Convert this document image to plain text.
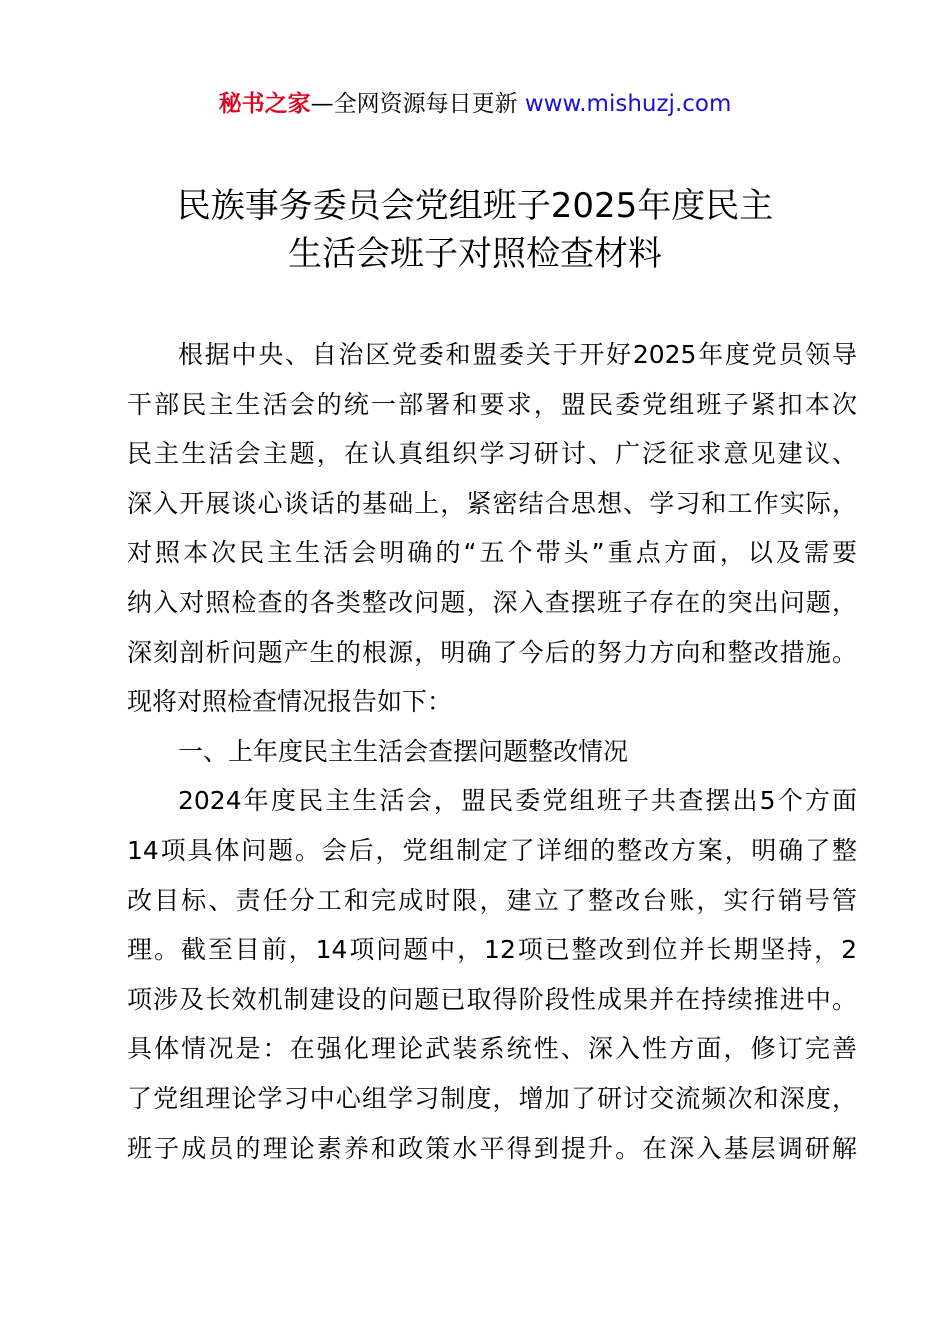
秘书之家—全网资源每日更新 www.mishuzj.com
民族事务委员会党组班子2025年度民主
生活会班子对照检查材料
根据中央、自治区党委和盟委关于开好2025年度党员领导
干部民主生活会的统一部署和要求，盟民委党组班子紧扣本次
民主生活会主题，在认真组织学习研讨、广泛征求意见建议、
深入开展谈心谈话的基础上，紧密结合思想、学习和工作实际，
对照本次民主生活会明确的“五个带头”重点方面，以及需要
纳入对照检查的各类整改问题，深入查摆班子存在的突出问题，
深刻剖析问题产生的根源，明确了今后的努力方向和整改措施。
现将对照检查情况报告如下：
一、上年度民主生活会查摆问题整改情况
2024年度民主生活会，盟民委党组班子共查摆出5个方面
14项具体问题。会后，党组制定了详细的整改方案，明确了整
改目标、责任分工和完成时限，建立了整改台账，实行销号管
理。截至目前，14项问题中，12项已整改到位并长期坚持，2
项涉及长效机制建设的问题已取得阶段性成果并在持续推进中。
具体情况是：在强化理论武装系统性、深入性方面，修订完善
了党组理论学习中心组学习制度，增加了研讨交流频次和深度，
班子成员的理论素养和政策水平得到提升。在深入基层调研解
